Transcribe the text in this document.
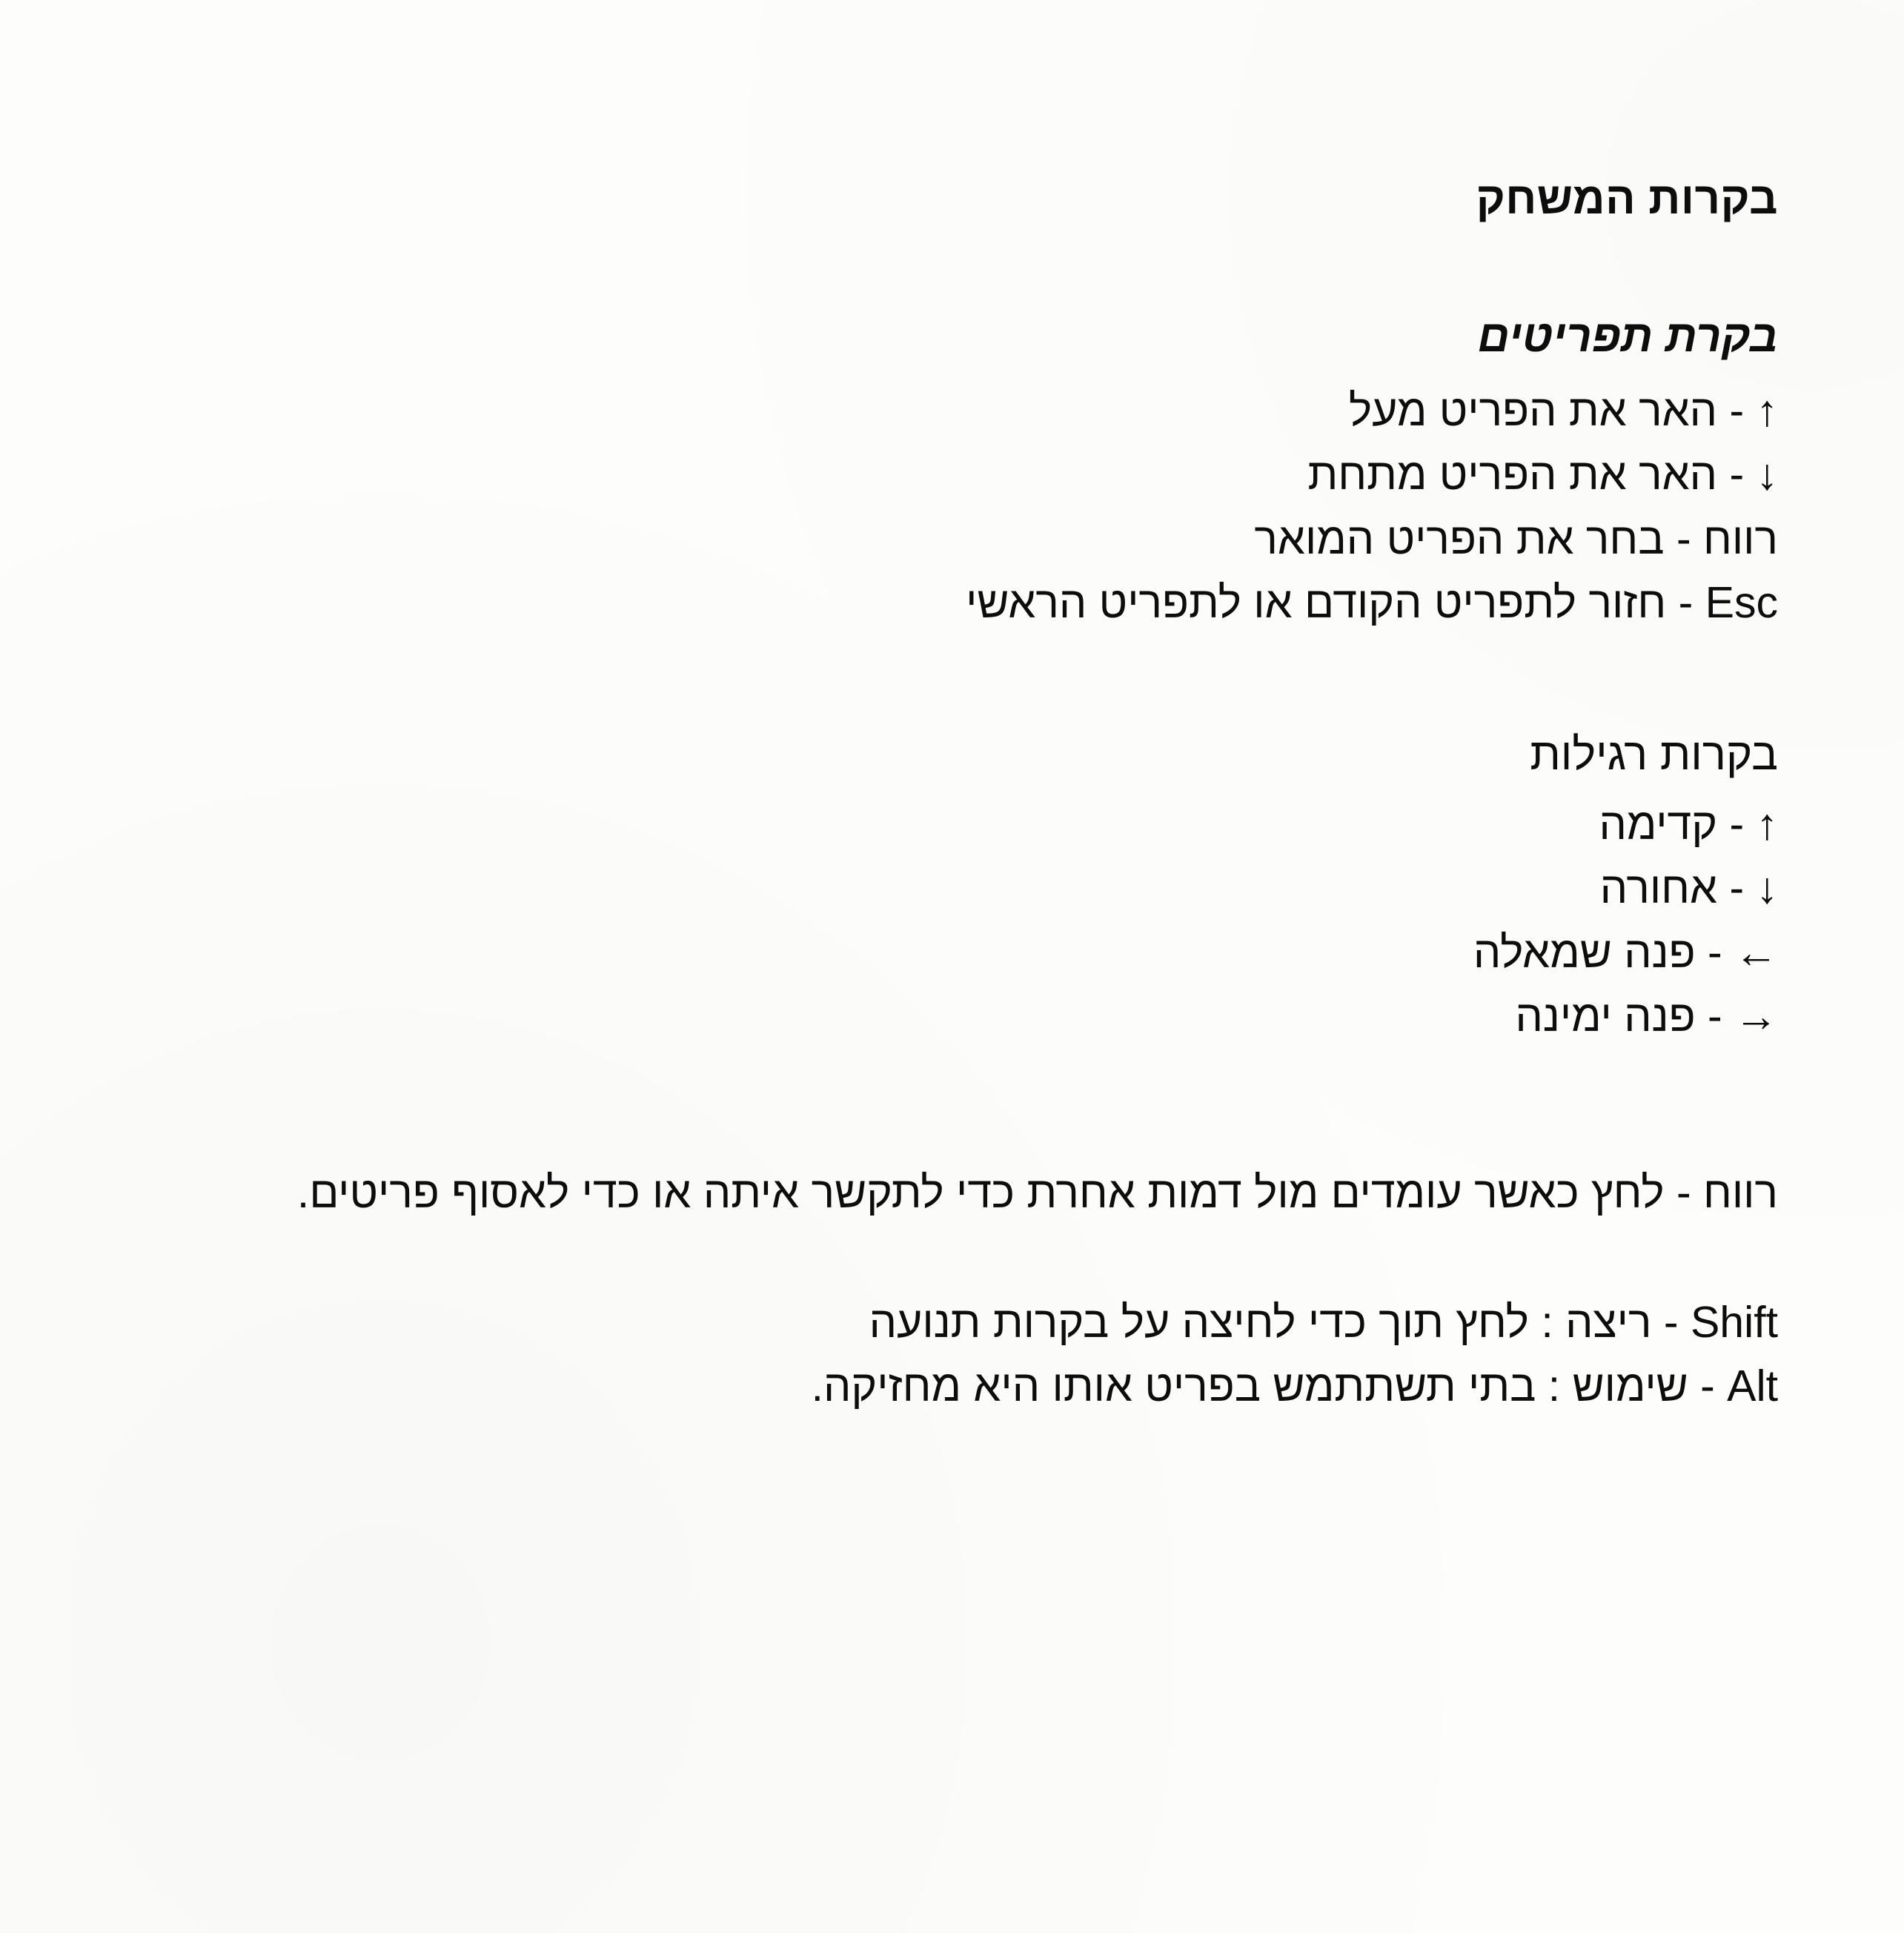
בקרות המשחק
בקרת תפריטים

↑ - האר את הפריט מעל

↓ - האר את הפריט מתחת

רווח - בחר את הפריט המואר

Esc - חזור לתפריט הקודם או לתפריט הראשי

בקרות רגילות

↑ - קדימה

↓ - אחורה

← - פנה שמאלה

→ - פנה ימינה

רווח - לחץ כאשר עומדים מול דמות אחרת כדי לתקשר איתה או כדי לאסוף פריטים.

Shift - ריצה : לחץ תוך כדי לחיצה על בקרות תנועה

Alt - שימוש : בתי תשתתמש בפריט אותו היא מחזיקה.
